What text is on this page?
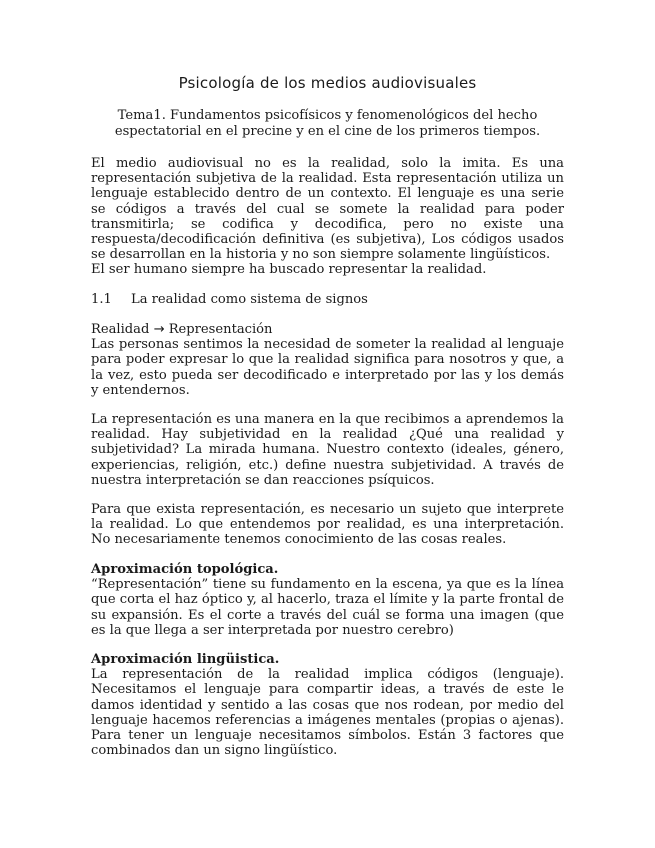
Psicología de los medios audiovisuales
Tema1. Fundamentos psicofísicos y fenomenológicos del hecho
espectatorial en el precine y en el cine de los primeros tiempos.

El medio audiovisual no es la realidad, solo la imita. Es una representación subjetiva de la realidad. Esta representación utiliza un lenguaje establecido dentro de un contexto. El lenguaje es una serie se códigos a través del cual se somete la realidad para poder transmitirla; se codifica y decodifica, pero no existe una respuesta/decodificación definitiva (es subjetiva), Los códigos usados se desarrollan en la historia y no son siempre solamente lingüísticos.

El ser humano siempre ha buscado representar la realidad.

1.1 La realidad como sistema de signos
Realidad → Representación

Las personas sentimos la necesidad de someter la realidad al lenguaje para poder expresar lo que la realidad significa para nosotros y que, a la vez, esto pueda ser decodificado e interpretado por las y los demás y entendernos.

La representación es una manera en la que recibimos a aprendemos la realidad. Hay subjetividad en la realidad ¿Qué una realidad y subjetividad? La mirada humana. Nuestro contexto (ideales, género, experiencias, religión, etc.) define nuestra subjetividad. A través de nuestra interpretación se dan reacciones psíquicos.

Para que exista representación, es necesario un sujeto que interprete la realidad. Lo que entendemos por realidad, es una interpretación. No necesariamente tenemos conocimiento de las cosas reales.

Aproximación topológica.

“Representación” tiene su fundamento en la escena, ya que es la línea que corta el haz óptico y, al hacerlo, traza el límite y la parte frontal de su expansión. Es el corte a través del cuál se forma una imagen (que es la que llega a ser interpretada por nuestro cerebro)

Aproximación lingüistica.

La representación de la realidad implica códigos (lenguaje). Necesitamos el lenguaje para compartir ideas, a través de este le damos identidad y sentido a las cosas que nos rodean, por medio del lenguaje hacemos referencias a imágenes mentales (propias o ajenas). Para tener un lenguaje necesitamos símbolos. Están 3 factores que combinados dan un signo lingüístico.
